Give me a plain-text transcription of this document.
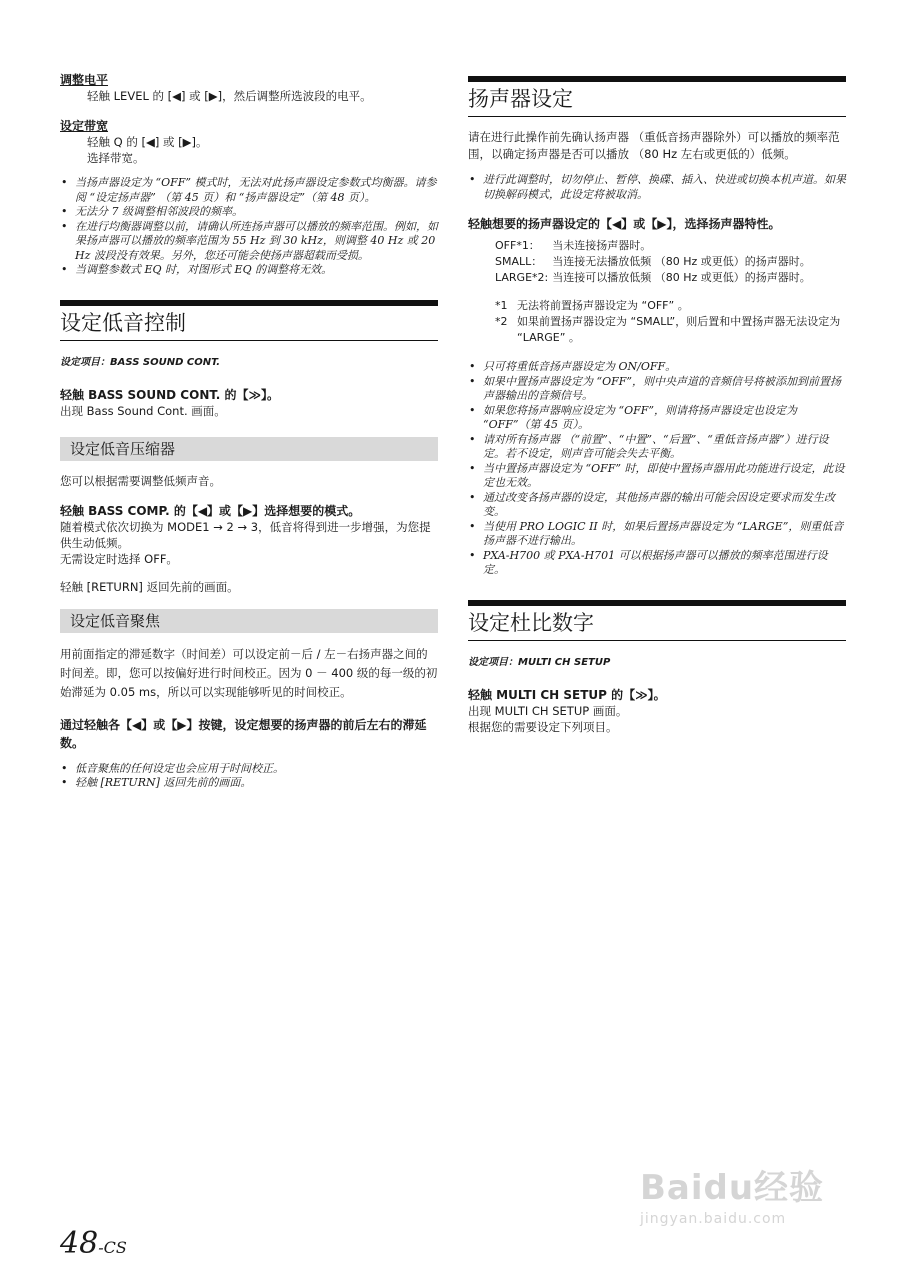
调整电平
轻触 LEVEL 的 [◀] 或 [▶]，然后调整所选波段的电平。
设定带宽
轻触 Q 的 [◀] 或 [▶]。
选择带宽。
• 当扬声器设定为 “OFF” 模式时，无法对此扬声器设定参数式均衡器。请参阅 “设定扬声器” （第 45 页）和 “扬声器设定”（第 48 页）。
• 无法分 7 级调整相邻波段的频率。
• 在进行均衡器调整以前，请确认所连扬声器可以播放的频率范围。例如，如果扬声器可以播放的频率范围为 55 Hz 到 30 kHz，则调整 40 Hz 或 20 Hz 波段没有效果。另外，您还可能会使扬声器超载而受损。
• 当调整参数式 EQ 时，对图形式 EQ 的调整将无效。
设定低音控制
设定项目：BASS SOUND CONT.
轻触 BASS SOUND CONT. 的【≫】。
出现 Bass Sound Cont. 画面。
设定低音压缩器
您可以根据需要调整低频声音。
轻触 BASS COMP. 的【◀】或【▶】选择想要的模式。
随着模式依次切换为 MODE1 → 2 → 3，低音将得到进一步增强，为您提供生动低频。
无需设定时选择 OFF。
轻触 [RETURN] 返回先前的画面。
设定低音聚焦
用前面指定的滞延数字（时间差）可以设定前－后 / 左－右扬声器之间的时间差。即，您可以按偏好进行时间校正。因为 0 － 400 级的每一级的初始滞延为 0.05 ms，所以可以实现能够听见的时间校正。
通过轻触各【◀】或【▶】按键，设定想要的扬声器的前后左右的滞延数。
• 低音聚焦的任何设定也会应用于时间校正。
• 轻触 [RETURN] 返回先前的画面。
扬声器设定
请在进行此操作前先确认扬声器 （重低音扬声器除外）可以播放的频率范围，以确定扬声器是否可以播放 （80 Hz 左右或更低的）低频。
• 进行此调整时，切勿停止、暂停、换碟、插入、快进或切换本机声道。如果切换解码模式，此设定将被取消。
轻触想要的扬声器设定的【◀】或【▶】，选择扬声器特性。
OFF*1：	当未连接扬声器时。
SMALL：	当连接无法播放低频 （80 Hz 或更低）的扬声器时。
LARGE*2:	当连接可以播放低频 （80 Hz 或更低）的扬声器时。
*1 无法将前置扬声器设定为 “OFF” 。
*2 如果前置扬声器设定为 “SMALL”，则后置和中置扬声器无法设定为 “LARGE” 。
• 只可将重低音扬声器设定为 ON/OFF。
• 如果中置扬声器设定为 “OFF”，则中央声道的音频信号将被添加到前置扬声器输出的音频信号。
• 如果您将扬声器响应设定为 “OFF”，则请将扬声器设定也设定为 “OFF”（第 45 页）。
• 请对所有扬声器 （“前置”、“中置”、“后置”、“重低音扬声器”）进行设定。若不设定，则声音可能会失去平衡。
• 当中置扬声器设定为 “OFF” 时，即使中置扬声器用此功能进行设定，此设定也无效。
• 通过改变各扬声器的设定，其他扬声器的输出可能会因设定要求而发生改变。
• 当使用 PRO LOGIC II 时，如果后置扬声器设定为 “LARGE”，则重低音扬声器不进行输出。
• PXA-H700 或 PXA-H701 可以根据扬声器可以播放的频率范围进行设定。
设定杜比数字
设定项目：MULTI CH SETUP
轻触 MULTI CH SETUP 的【≫】。
出现 MULTI CH SETUP 画面。
根据您的需要设定下列项目。
48-CS
Baidu经验
jingyan.baidu.com
